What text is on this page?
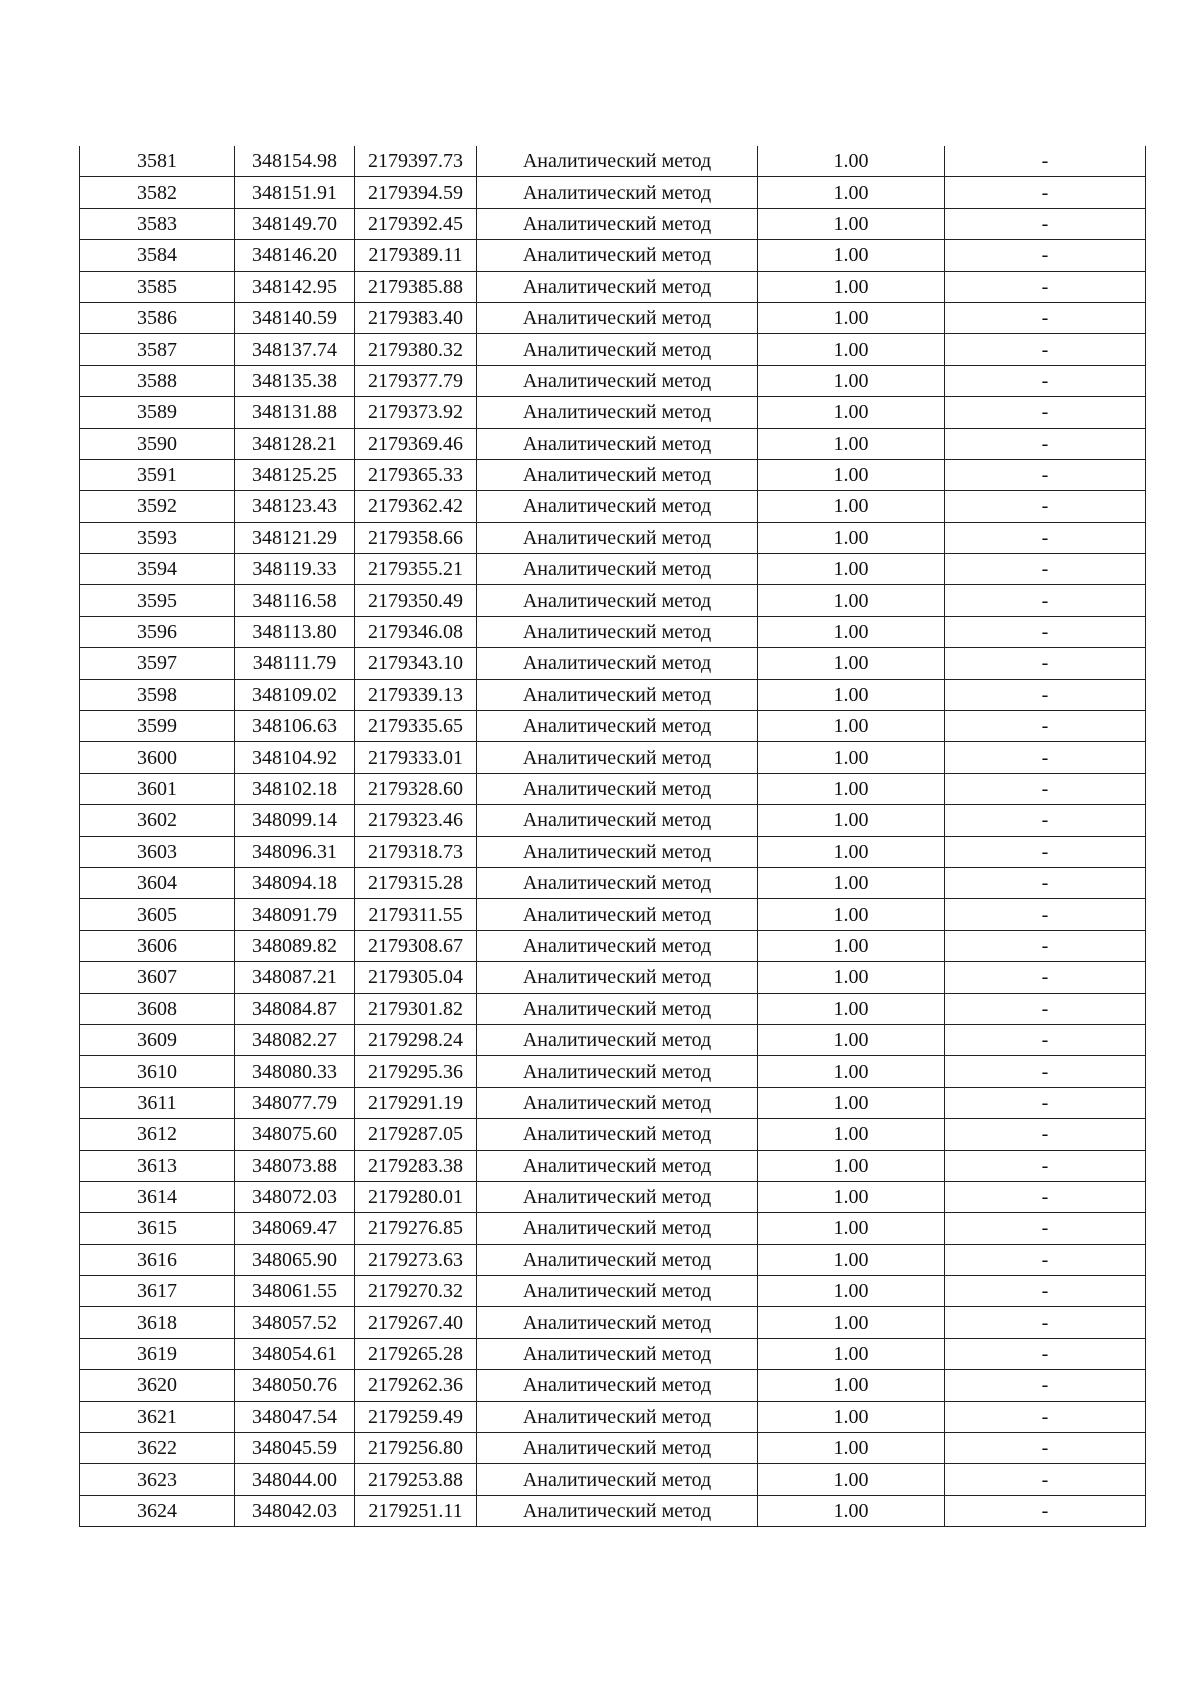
3581	348154.98	2179397.73	Аналитический метод	1.00	-
3582	348151.91	2179394.59	Аналитический метод	1.00	-
3583	348149.70	2179392.45	Аналитический метод	1.00	-
3584	348146.20	2179389.11	Аналитический метод	1.00	-
3585	348142.95	2179385.88	Аналитический метод	1.00	-
3586	348140.59	2179383.40	Аналитический метод	1.00	-
3587	348137.74	2179380.32	Аналитический метод	1.00	-
3588	348135.38	2179377.79	Аналитический метод	1.00	-
3589	348131.88	2179373.92	Аналитический метод	1.00	-
3590	348128.21	2179369.46	Аналитический метод	1.00	-
3591	348125.25	2179365.33	Аналитический метод	1.00	-
3592	348123.43	2179362.42	Аналитический метод	1.00	-
3593	348121.29	2179358.66	Аналитический метод	1.00	-
3594	348119.33	2179355.21	Аналитический метод	1.00	-
3595	348116.58	2179350.49	Аналитический метод	1.00	-
3596	348113.80	2179346.08	Аналитический метод	1.00	-
3597	348111.79	2179343.10	Аналитический метод	1.00	-
3598	348109.02	2179339.13	Аналитический метод	1.00	-
3599	348106.63	2179335.65	Аналитический метод	1.00	-
3600	348104.92	2179333.01	Аналитический метод	1.00	-
3601	348102.18	2179328.60	Аналитический метод	1.00	-
3602	348099.14	2179323.46	Аналитический метод	1.00	-
3603	348096.31	2179318.73	Аналитический метод	1.00	-
3604	348094.18	2179315.28	Аналитический метод	1.00	-
3605	348091.79	2179311.55	Аналитический метод	1.00	-
3606	348089.82	2179308.67	Аналитический метод	1.00	-
3607	348087.21	2179305.04	Аналитический метод	1.00	-
3608	348084.87	2179301.82	Аналитический метод	1.00	-
3609	348082.27	2179298.24	Аналитический метод	1.00	-
3610	348080.33	2179295.36	Аналитический метод	1.00	-
3611	348077.79	2179291.19	Аналитический метод	1.00	-
3612	348075.60	2179287.05	Аналитический метод	1.00	-
3613	348073.88	2179283.38	Аналитический метод	1.00	-
3614	348072.03	2179280.01	Аналитический метод	1.00	-
3615	348069.47	2179276.85	Аналитический метод	1.00	-
3616	348065.90	2179273.63	Аналитический метод	1.00	-
3617	348061.55	2179270.32	Аналитический метод	1.00	-
3618	348057.52	2179267.40	Аналитический метод	1.00	-
3619	348054.61	2179265.28	Аналитический метод	1.00	-
3620	348050.76	2179262.36	Аналитический метод	1.00	-
3621	348047.54	2179259.49	Аналитический метод	1.00	-
3622	348045.59	2179256.80	Аналитический метод	1.00	-
3623	348044.00	2179253.88	Аналитический метод	1.00	-
3624	348042.03	2179251.11	Аналитический метод	1.00	-
